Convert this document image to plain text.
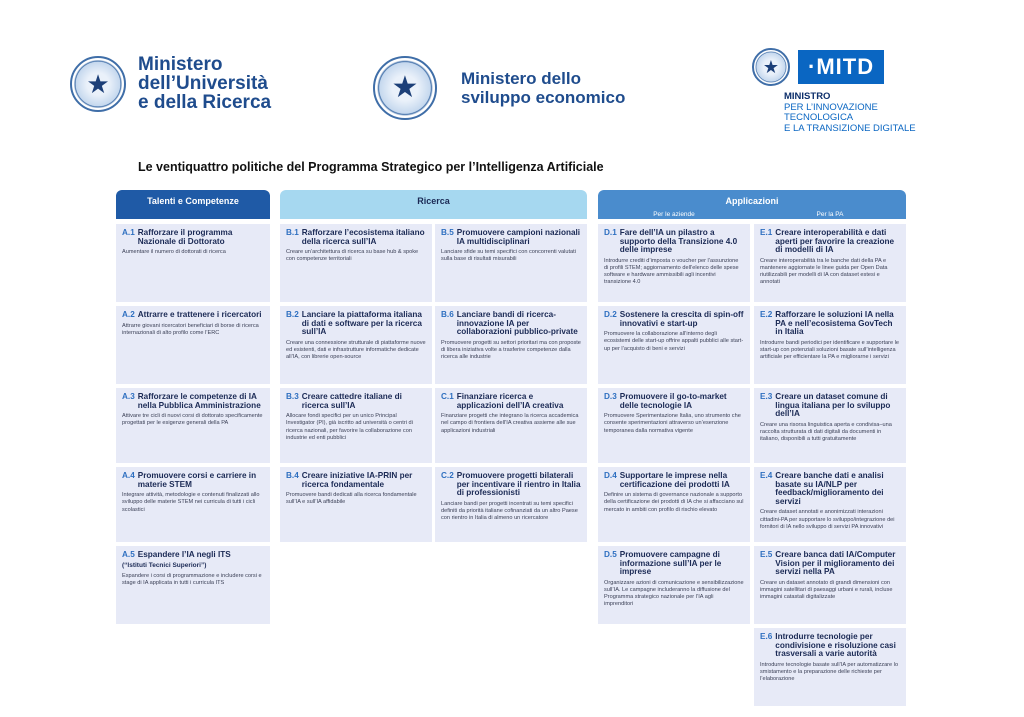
★
Ministero
dell’Università
e della Ricerca	★	Ministero dello
sviluppo economico
★	·MITD
MINISTRO
PER L’INNOVAZIONE
TECNOLOGICA
E LA TRANSIZIONE DIGITALE
Le ventiquattro politiche del Programma Strategico per l’Intelligenza Artificiale
Talenti e Competenze	Ricerca	Applicazioni
Per le aziende	Per la PA
A.1 Rafforzare il programma Nazionale di Dottorato
Aumentare il numero di dottorati di ricerca
A.2 Attrarre e trattenere i ricercatori
Attrarre giovani ricercatori beneficiari di borse di ricerca internazionali di alto profilo come l’ERC
A.3 Rafforzare le competenze di IA nella Pubblica Amministrazione
Attivare tre cicli di nuovi corsi di dottorato specificamente progettati per le esigenze generali della PA
A.4 Promuovere corsi e carriere in materie STEM
Integrare attività, metodologie e contenuti finalizzati allo sviluppo delle materie STEM nei curricula di tutti i cicli scolastici
A.5 Espandere l’IA negli ITS
(“Istituti Tecnici Superiori”)
Espandere i corsi di programmazione e includere corsi e stage di IA applicata in tutti i curricula ITS
B.1 Rafforzare l’ecosistema italiano della ricerca sull’IA
Creare un’architettura di ricerca su base hub & spoke con competenze territoriali
B.2 Lanciare la piattaforma italiana di dati e software per la ricerca sull’IA
Creare una connessione strutturale di piattaforme nuove ed esistenti, dati e infrastrutture informatiche dedicate all’IA, con librerie open-source
B.3 Creare cattedre italiane di ricerca sull’IA
Allocare fondi specifici per un unico Principal Investigator (PI), già iscritto ad università o centri di ricerca nazionali, per favorire la collaborazione con industrie ed enti pubblici
B.4 Creare iniziative IA-PRIN per ricerca fondamentale
Promuovere bandi dedicati alla ricerca fondamentale sull’IA e sull’IA affidabile
B.5 Promuovere campioni nazionali IA multidisciplinari
Lanciare sfide su temi specifici con concorrenti valutati sulla base di risultati misurabili
B.6 Lanciare bandi di ricerca-innovazione IA per collaborazioni pubblico-private
Promuovere progetti su settori prioritari ma con proposte di libera iniziativa volte a trasferire competenze dalla ricerca alle industrie
C.1 Finanziare ricerca e applicazioni dell’IA creativa
Finanziare progetti che integrano la ricerca accademica nel campo di frontiera dell’IA creativa assieme alle sue applicazioni industriali
C.2 Promuovere progetti bilaterali per incentivare il rientro in Italia di professionisti
Lanciare bandi per progetti incentrati su temi specifici definiti da priorità italiane cofinanziati da un altro Paese con rientro in Italia di almeno un ricercatore
D.1 Fare dell’IA un pilastro a supporto della Transizione 4.0 delle imprese
Introdurre crediti d’imposta o voucher per l’assunzione di profili STEM; aggiornamento dell’elenco delle spese software e hardware ammissibili agli incentivi transizione 4.0
D.2 Sostenere la crescita di spin-off innovativi e start-up
Promuovere la collaborazione all’interno degli ecosistemi delle start-up offrire appalti pubblici alle start-up per l’acquisto di beni e servizi
D.3 Promuovere il go-to-market delle tecnologie IA
Promuovere Sperimentazione Italia, uno strumento che consente sperimentazioni attraverso un’esenzione temporanea dalla normativa vigente
D.4 Supportare le imprese nella certificazione dei prodotti IA
Definire un sistema di governance nazionale a supporto della certificazione dei prodotti di IA che si affacciano sul mercato in ambiti con profilo di rischio elevato
D.5 Promuovere campagne di informazione sull’IA per le imprese
Organizzare azioni di comunicazione e sensibilizzazione sull’IA. Le campagne includeranno la diffusione del Programma strategico nazionale per l’IA agli imprenditori
E.1 Creare interoperabilità e dati aperti per favorire la creazione di modelli di IA
Creare interoperabilità tra le banche dati della PA e mantenere aggiornate le linee guida per Open Data riutilizzabili per modelli di IA con dataset estesi e annotati
E.2 Rafforzare le soluzioni IA nella PA e nell’ecosistema GovTech in Italia
Introdurre bandi periodici per identificare e supportare le start-up con potenziali soluzioni basate sull’intelligenza artificiale per efficientare la PA e migliorarne i servizi
E.3 Creare un dataset comune di lingua italiana per lo sviluppo dell’IA
Creare una risorsa linguistica aperta e condivisa–una raccolta strutturata di dati digitali da documenti in italiano, disponibili a tutti gratuitamente
E.4 Creare banche dati e analisi basate su IA/NLP per feedback/miglioramento dei servizi
Creare dataset annotati e anonimizzati interazioni cittadini-PA per supportare lo sviluppo/integrazione dei fornitori di IA nello sviluppo di servizi PA innovativi
E.5 Creare banca dati IA/Computer Vision per il miglioramento dei servizi nella PA
Creare un dataset annotato di grandi dimensioni con immagini satellitari di paesaggi urbani e rurali, incluse immagini catastali digitalizzate
E.6 Introdurre tecnologie per condivisione e risoluzione casi trasversali a varie autorità
Introdurre tecnologie basate sull’IA per automatizzare lo smistamento e la preparazione delle richieste per l’elaborazione
